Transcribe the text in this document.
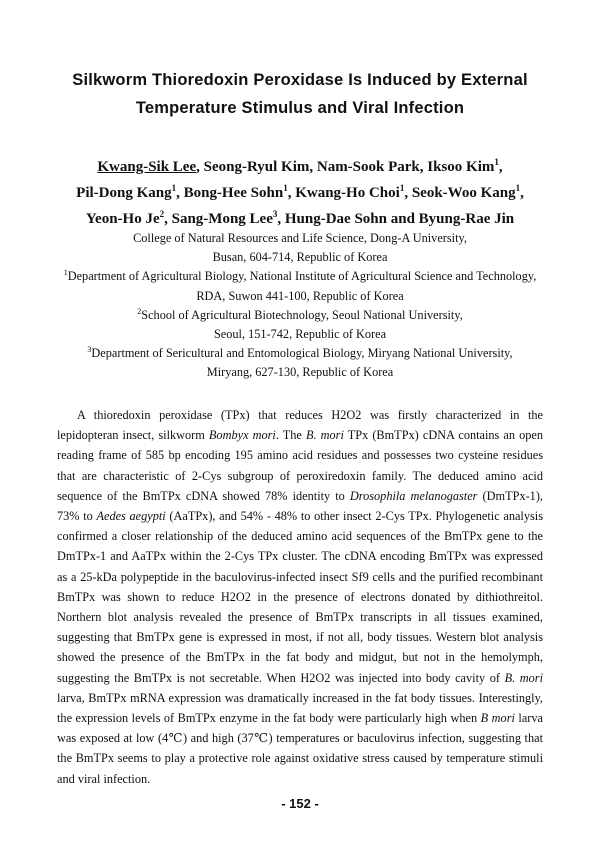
Silkworm Thioredoxin Peroxidase Is Induced by External
Temperature Stimulus and Viral Infection
Kwang-Sik Lee, Seong-Ryul Kim, Nam-Sook Park, Iksoo Kim$^1$,
Pil-Dong Kang$^1$, Bong-Hee Sohn$^1$, Kwang-Ho Choi$^1$, Seok-Woo Kang$^1$,
Yeon-Ho Je$^2$, Sang-Mong Lee$^3$, Hung-Dae Sohn and Byung-Rae Jin
College of Natural Resources and Life Science, Dong-A University,
Busan, 604-714, Republic of Korea
$^1$Department of Agricultural Biology, National Institute of Agricultural Science and Technology,
RDA, Suwon 441-100, Republic of Korea
$^2$School of Agricultural Biotechnology, Seoul National University,
Seoul, 151-742, Republic of Korea
$^3$Department of Sericultural and Entomological Biology, Miryang National University,
Miryang, 627-130, Republic of Korea

A thioredoxin peroxidase (TPx) that reduces H2O2 was firstly characterized in the lepidopteran insect, silkworm Bombyx mori. The B. mori TPx (BmTPx) cDNA contains an open reading frame of 585 bp encoding 195 amino acid residues and possesses two cysteine residues that are characteristic of 2-Cys subgroup of peroxiredoxin family. The deduced amino acid sequence of the BmTPx cDNA showed 78% identity to Drosophila melanogaster (DmTPx-1), 73% to Aedes aegypti (AaTPx), and 54% - 48% to other insect 2-Cys TPx. Phylogenetic analysis confirmed a closer relationship of the deduced amino acid sequences of the BmTPx gene to the DmTPx-1 and AaTPx within the 2-Cys TPx cluster. The cDNA encoding BmTPx was expressed as a 25-kDa polypeptide in the baculovirus-infected insect Sf9 cells and the purified recombinant BmTPx was shown to reduce H2O2 in the presence of electrons donated by dithiothreitol. Northern blot analysis revealed the presence of BmTPx transcripts in all tissues examined, suggesting that BmTPx gene is expressed in most, if not all, body tissues. Western blot analysis showed the presence of the BmTPx in the fat body and midgut, but not in the hemolymph, suggesting the BmTPx is not secretable. When H2O2 was injected into body cavity of B. mori larva, BmTPx mRNA expression was dramatically increased in the fat body tissues. Interestingly, the expression levels of BmTPx enzyme in the fat body were particularly high when B mori larva was exposed at low (4℃) and high (37℃) temperatures or baculovirus infection, suggesting that the BmTPx seems to play a protective role against oxidative stress caused by temperature stimuli and viral infection.

- 152 -
